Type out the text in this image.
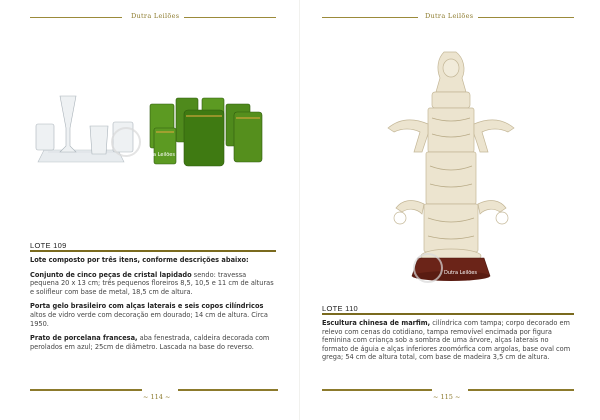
Dutra Leilões
Dutra Leilões
LOTE 109

Lote composto por três itens, conforme descrições abaixo:

Conjunto de cinco peças de cristal lapidado sendo: travessa pequena 20 x 13 cm; três pequenos floreiros 8,5, 10,5 e 11 cm de alturas e solifleur com base de metal, 18,5 cm de altura.

Porta gelo brasileiro com alças laterais e seis copos cilíndricos altos de vidro verde com decoração em dourado; 14 cm de altura. Circa 1950.

Prato de porcelana francesa, aba fenestrada, caldeira decorada com perolados em azul; 25cm de diâmetro. Lascada na base do reverso.

~ 114 ~
Dutra Leilões
Dutra Leilões
LOTE 110

Escultura chinesa de marfim, cilíndrica com tampa; corpo decorado em relevo com cenas do cotidiano, tampa removível encimada por figura feminina com criança sob a sombra de uma árvore, alças laterais no formato de águia e alças inferiores zoomórfica com argolas, base oval com grega; 54 cm de altura total, com base de madeira 3,5 cm de altura.

~ 115 ~
